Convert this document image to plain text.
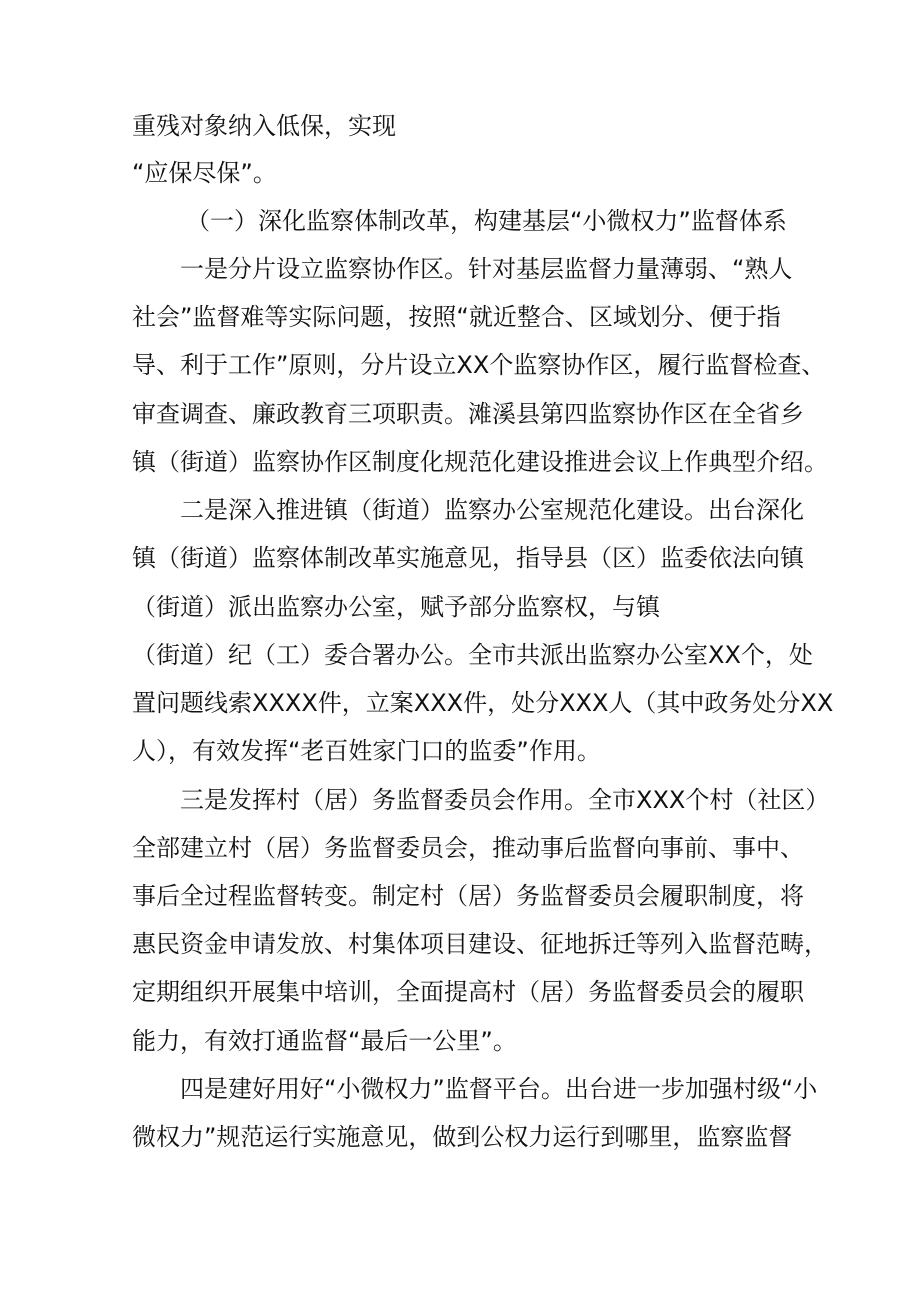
重残对象纳入低保，实现
“应保尽保”。
（一）深化监察体制改革，构建基层“小微权力”监督体系
一是分片设立监察协作区。针对基层监督力量薄弱、“熟人
社会”监督难等实际问题，按照“就近整合、区域划分、便于指
导、利于工作”原则，分片设立XX个监察协作区，履行监督检查、
审查调查、廉政教育三项职责。滩溪县第四监察协作区在全省乡
镇（街道）监察协作区制度化规范化建设推进会议上作典型介绍。
二是深入推进镇（街道）监察办公室规范化建设。出台深化
镇（街道）监察体制改革实施意见，指导县（区）监委依法向镇
（街道）派出监察办公室，赋予部分监察权，与镇
（街道）纪（工）委合署办公。全市共派出监察办公室XX个，处
置问题线索XXXX件，立案XXX件，处分XXX人（其中政务处分XX
人），有效发挥“老百姓家门口的监委”作用。
三是发挥村（居）务监督委员会作用。全市XXX个村（社区）
全部建立村（居）务监督委员会，推动事后监督向事前、事中、
事后全过程监督转变。制定村（居）务监督委员会履职制度，将
惠民资金申请发放、村集体项目建设、征地拆迁等列入监督范畴，
定期组织开展集中培训，全面提高村（居）务监督委员会的履职
能力，有效打通监督“最后一公里”。
四是建好用好“小微权力”监督平台。出台进一步加强村级“小
微权力”规范运行实施意见，做到公权力运行到哪里，监察监督
